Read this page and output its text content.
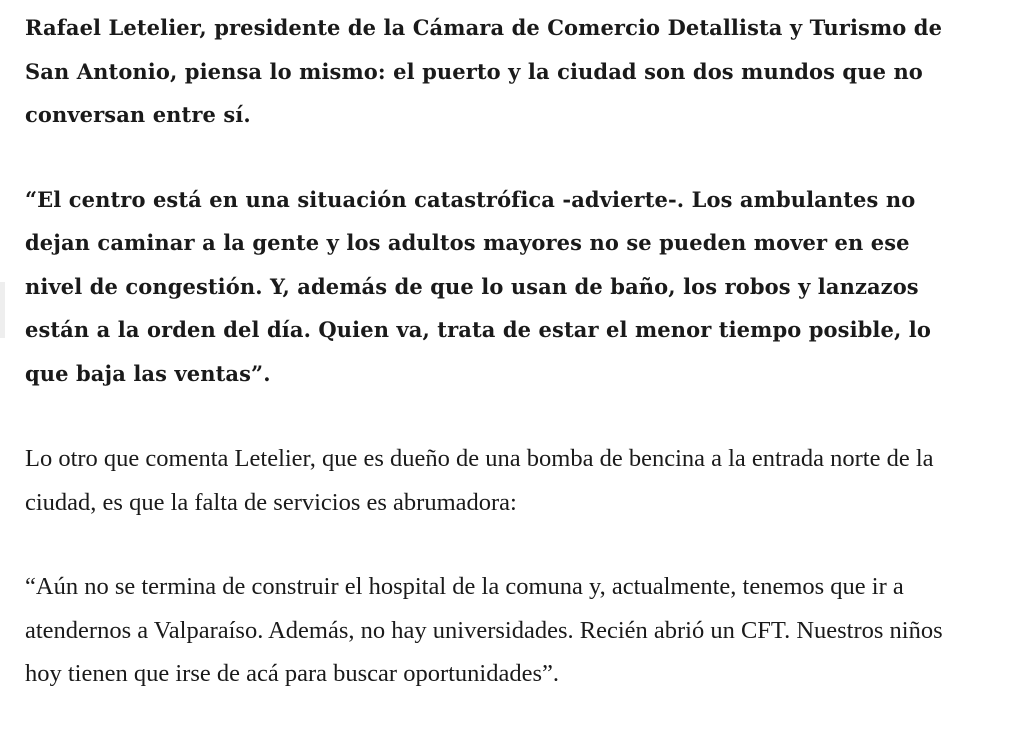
Rafael Letelier, presidente de la Cámara de Comercio Detallista y Turismo de San Antonio, piensa lo mismo: el puerto y la ciudad son dos mundos que no conversan entre sí.

“El centro está en una situación catastrófica -advierte-. Los ambulantes no dejan caminar a la gente y los adultos mayores no se pueden mover en ese nivel de congestión. Y, además de que lo usan de baño, los robos y lanzazos están a la orden del día. Quien va, trata de estar el menor tiempo posible, lo que baja las ventas”.

Lo otro que comenta Letelier, que es dueño de una bomba de bencina a la entrada norte de la ciudad, es que la falta de servicios es abrumadora:

“Aún no se termina de construir el hospital de la comuna y, actualmente, tenemos que ir a atendernos a Valparaíso. Además, no hay universidades. Recién abrió un CFT. Nuestros niños hoy tienen que irse de acá para buscar oportunidades”.
